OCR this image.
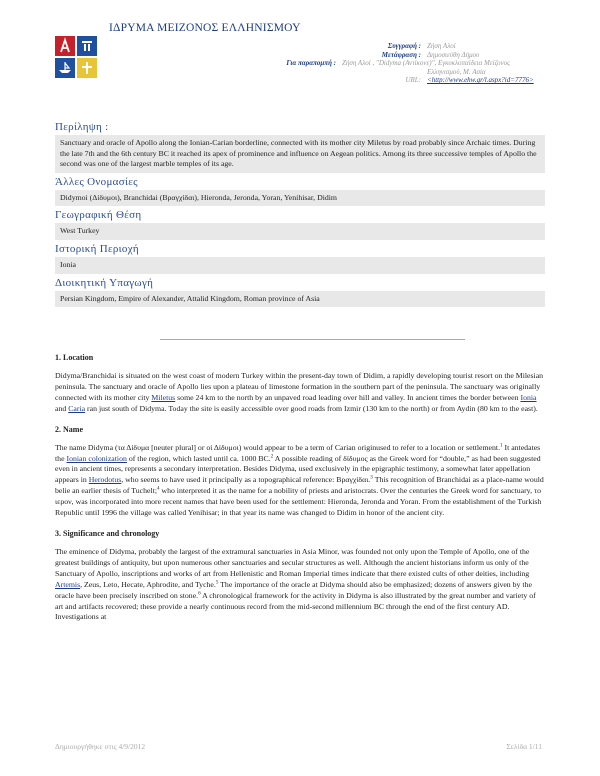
ΙΔΡΥΜΑ ΜΕΙΖΟΝΟΣ ΕΛΛΗΝΙΣΜΟΥ
Συγγραφή : Ζήση Αλοί
Μετάφραση : Δημοσιεύθη Δήμου
Για παραπομπή : Ζήση Αλοί , "Didyma (Αντίκονε)", Εγκυκλοπαίδεια Μείζονος
Ελληνισμού, Μ. Ασία
URL: <http://www.ehw.gr/l.aspx?id=7776>
Περίληψη :
Sanctuary and oracle of Apollo along the Ionian-Carian borderline, connected with its mother city Miletus by road probably since Archaic times. During the late 7th and the 6th century BC it reached its apex of prominence and influence on Aegean politics. Among its three successive temples of Apollo the second was one of the largest marble temples of its age.
Άλλες Ονομασίες
Didymoi (Δίδυμοι), Branchidai (Βραγχίδαι), Hieronda, Jeronda, Yoran, Yenihisar, Didim
Γεωγραφική Θέση
West Turkey
Ιστορική Περιοχή
Ionia
Διοικητική Υπαγωγή
Persian Kingdom, Empire of Alexander, Attalid Kingdom, Roman province of Asia
1. Location

Didyma/Branchidai is situated on the west coast of modern Turkey within the present-day town of Didim, a rapidly developing tourist resort on the Milesian peninsula. The sanctuary and oracle of Apollo lies upon a plateau of limestone formation in the southern part of the peninsula. The sanctuary was originally connected with its mother city Miletus some 24 km to the north by an unpaved road leading over hill and valley. In ancient times the border between Ionia and Caria ran just south of Didyma. Today the site is easily accessible over good roads from Izmir (130 km to the north) or from Aydin (80 km to the east).

2. Name

The name Didyma (τα Δίδυμα [neuter plural] or οἱ Δίδυμοι) would appear to be a term of Carian originused to refer to a location or settlement.$^1$ It antedates the Ionian colonization of the region, which lasted until ca. 1000 BC.$^2$ A possible reading of δίδυμος as the Greek word for “double,” as had been suggested even in ancient times, represents a secondary interpretation. Besides Didyma, used exclusively in the epigraphic testimony, a somewhat later appellation appears in Herodotus, who seems to have used it principally as a topographical reference: Βραγχίδαι.$^3$ This recognition of Branchidai as a place-name would belie an earlier thesis of Tuchelt;$^4$ who interpreted it as the name for a nobility of priests and aristocrats. Over the centuries the Greek word for sanctuary, το ιερον, was incorporated into more recent names that have been used for the settlement: Hieronda, Jeronda and Yoran. From the establishment of the Turkish Republic until 1996 the village was called Yenihisar; in that year its name was changed to Didim in honor of the ancient city.

3. Significance and chronology

The eminence of Didyma, probably the largest of the extramural sanctuaries in Asia Minor, was founded not only upon the Temple of Apollo, one of the greatest buildings of antiquity, but upon numerous other sanctuaries and secular structures as well. Although the ancient historians inform us only of the Sanctuary of Apollo, inscriptions and works of art from Hellenistic and Roman Imperial times indicate that there existed cults of other deities, including Artemis, Zeus, Leto, Hecate, Aphrodite, and Tyche.$^5$ The importance of the oracle at Didyma should also be emphasized; dozens of answers given by the oracle have been precisely inscribed on stone.$^6$ A chronological framework for the activity in Didyma is also illustrated by the great number and variety of art and artifacts recovered; these provide a nearly continuous record from the mid-second millennium BC through the end of the first century AD. Investigations at

Δημιουργήθηκε στις 4/9/2012	Σελίδα 1/11
